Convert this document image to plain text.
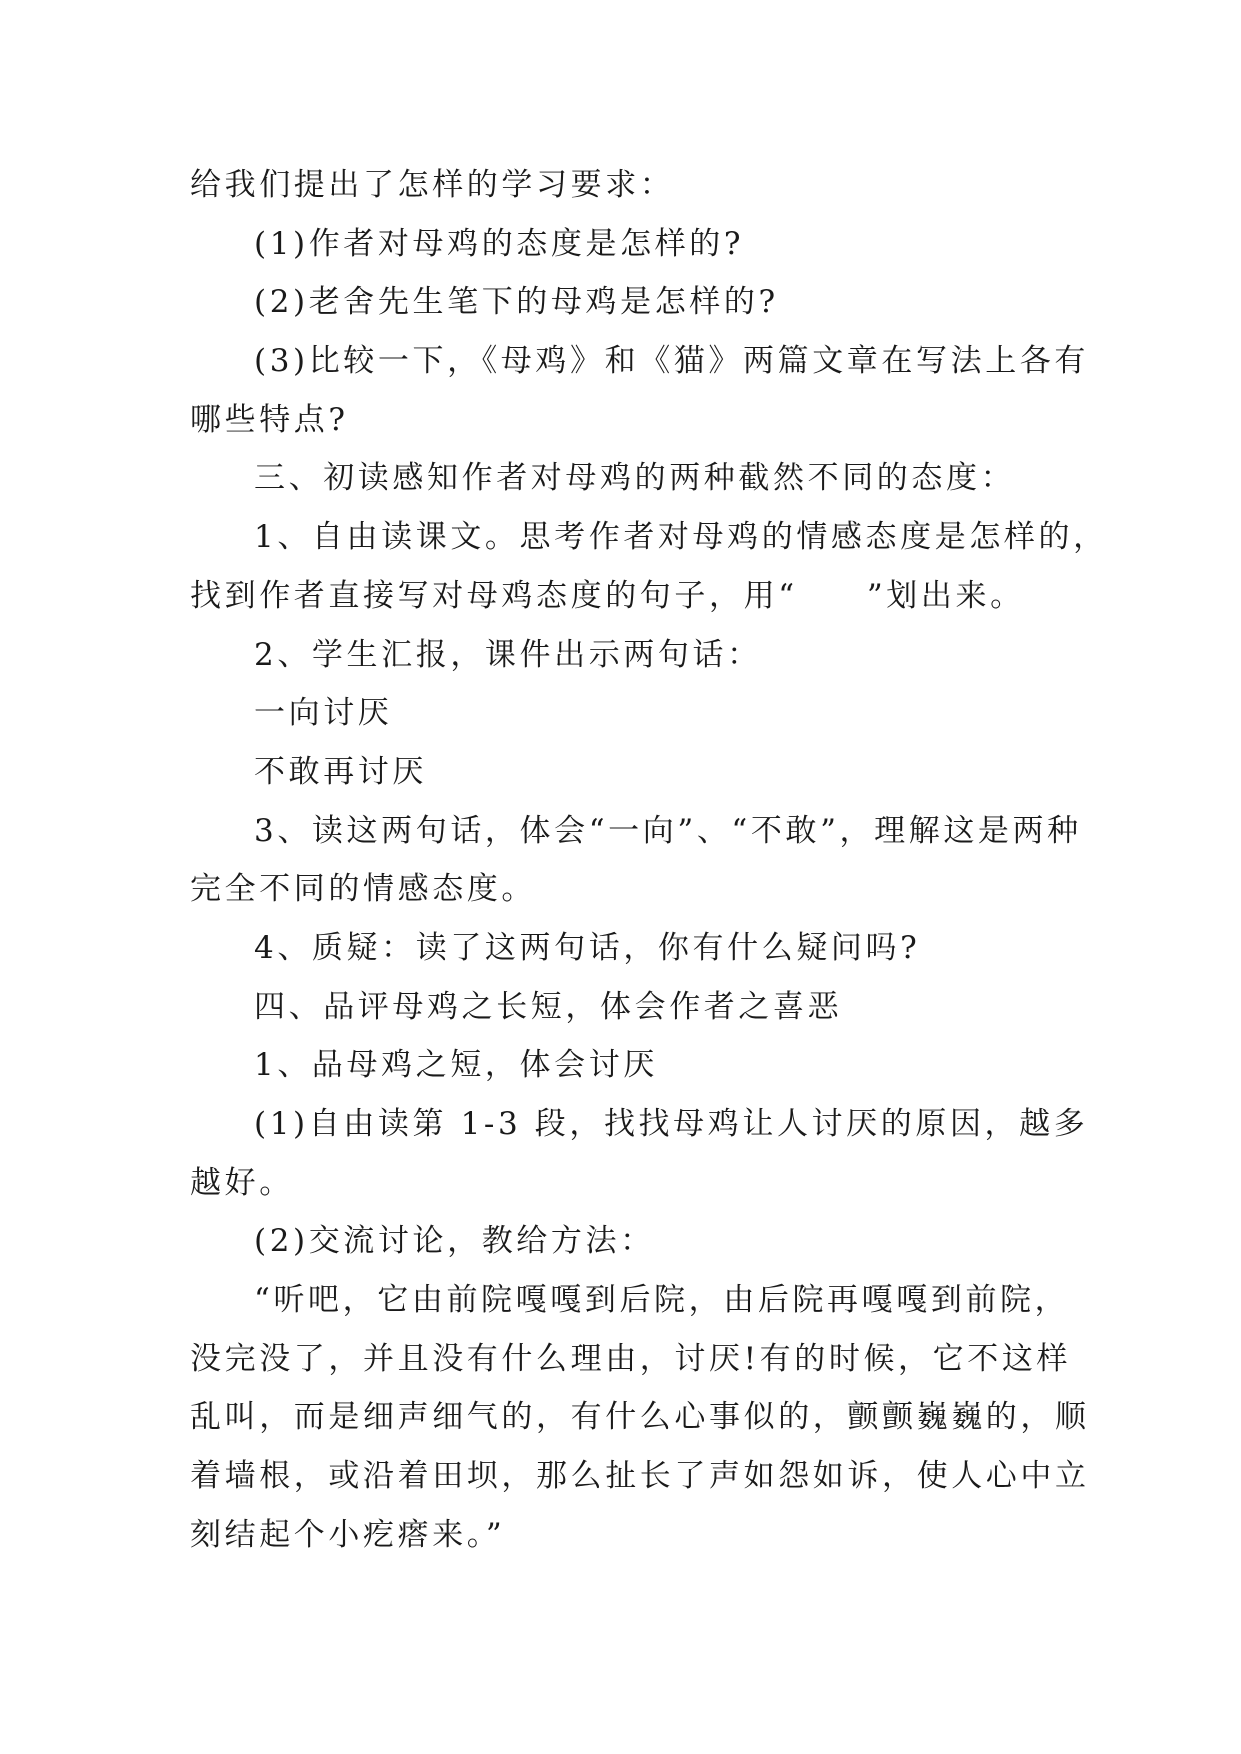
给我们提出了怎样的学习要求：
(1)作者对母鸡的态度是怎样的?
(2)老舍先生笔下的母鸡是怎样的?
(3)比较一下，《母鸡》和《猫》两篇文章在写法上各有
哪些特点?
三、初读感知作者对母鸡的两种截然不同的态度：
1、自由读课文。思考作者对母鸡的情感态度是怎样的，
找到作者直接写对母鸡态度的句子，用“　　”划出来。
2、学生汇报，课件出示两句话：
一向讨厌
不敢再讨厌
3、读这两句话，体会“一向”、“不敢”，理解这是两种
完全不同的情感态度。
4、质疑：读了这两句话，你有什么疑问吗?
四、品评母鸡之长短，体会作者之喜恶
1、品母鸡之短，体会讨厌
(1)自由读第 1-3 段，找找母鸡让人讨厌的原因，越多
越好。
(2)交流讨论，教给方法：
“听吧，它由前院嘎嘎到后院，由后院再嘎嘎到前院，
没完没了，并且没有什么理由，讨厌!有的时候，它不这样
乱叫，而是细声细气的，有什么心事似的，颤颤巍巍的，顺
着墙根，或沿着田坝，那么扯长了声如怨如诉，使人心中立
刻结起个小疙瘩来。”
